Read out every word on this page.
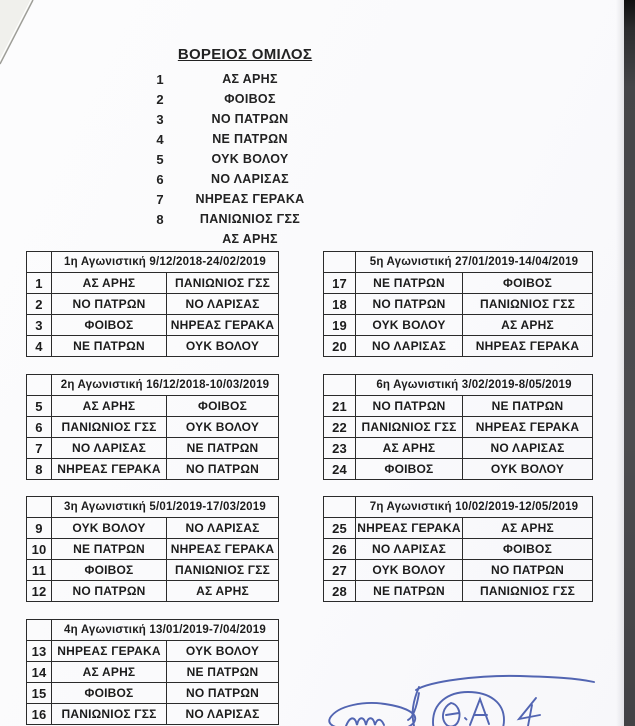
ΒΟΡΕΙΟΣ ΟΜΙΛΟΣ
1	ΑΣ ΑΡΗΣ
2	ΦΟΙΒΟΣ
3	ΝΟ ΠΑΤΡΩΝ
4	ΝΕ ΠΑΤΡΩΝ
5	ΟΥΚ ΒΟΛΟΥ
6	ΝΟ ΛΑΡΙΣΑΣ
7	ΝΗΡΕΑΣ ΓΕΡΑΚΑ
8	ΠΑΝΙΩΝΙΟΣ ΓΣΣ
ΑΣ ΑΡΗΣ
	1η Αγωνιστική 9/12/2018-24/02/2019	
1	ΑΣ ΑΡΗΣ	ΠΑΝΙΩΝΙΟΣ ΓΣΣ
2	ΝΟ ΠΑΤΡΩΝ	ΝΟ ΛΑΡΙΣΑΣ
3	ΦΟΙΒΟΣ	ΝΗΡΕΑΣ ΓΕΡΑΚΑ
4	ΝΕ ΠΑΤΡΩΝ	ΟΥΚ ΒΟΛΟΥ
	2η Αγωνιστική 16/12/2018-10/03/2019	
5	ΑΣ ΑΡΗΣ	ΦΟΙΒΟΣ
6	ΠΑΝΙΩΝΙΟΣ ΓΣΣ	ΟΥΚ ΒΟΛΟΥ
7	ΝΟ ΛΑΡΙΣΑΣ	ΝΕ ΠΑΤΡΩΝ
8	ΝΗΡΕΑΣ ΓΕΡΑΚΑ	ΝΟ ΠΑΤΡΩΝ
	3η Αγωνιστική 5/01/2019-17/03/2019	
9	ΟΥΚ ΒΟΛΟΥ	ΝΟ ΛΑΡΙΣΑΣ
10	ΝΕ ΠΑΤΡΩΝ	ΝΗΡΕΑΣ ΓΕΡΑΚΑ
11	ΦΟΙΒΟΣ	ΠΑΝΙΩΝΙΟΣ ΓΣΣ
12	ΝΟ ΠΑΤΡΩΝ	ΑΣ ΑΡΗΣ
	4η Αγωνιστική 13/01/2019-7/04/2019	
13	ΝΗΡΕΑΣ ΓΕΡΑΚΑ	ΟΥΚ ΒΟΛΟΥ
14	ΑΣ ΑΡΗΣ	ΝΕ ΠΑΤΡΩΝ
15	ΦΟΙΒΟΣ	ΝΟ ΠΑΤΡΩΝ
16	ΠΑΝΙΩΝΙΟΣ ΓΣΣ	ΝΟ ΛΑΡΙΣΑΣ
	5η Αγωνιστική 27/01/2019-14/04/2019	
17	ΝΕ ΠΑΤΡΩΝ	ΦΟΙΒΟΣ
18	ΝΟ ΠΑΤΡΩΝ	ΠΑΝΙΩΝΙΟΣ ΓΣΣ
19	ΟΥΚ ΒΟΛΟΥ	ΑΣ ΑΡΗΣ
20	ΝΟ ΛΑΡΙΣΑΣ	ΝΗΡΕΑΣ ΓΕΡΑΚΑ
	6η Αγωνιστική 3/02/2019-8/05/2019	
21	ΝΟ ΠΑΤΡΩΝ	ΝΕ ΠΑΤΡΩΝ
22	ΠΑΝΙΩΝΙΟΣ ΓΣΣ	ΝΗΡΕΑΣ ΓΕΡΑΚΑ
23	ΑΣ ΑΡΗΣ	ΝΟ ΛΑΡΙΣΑΣ
24	ΦΟΙΒΟΣ	ΟΥΚ ΒΟΛΟΥ
	7η Αγωνιστική 10/02/2019-12/05/2019	
25	ΝΗΡΕΑΣ ΓΕΡΑΚΑ	ΑΣ ΑΡΗΣ
26	ΝΟ ΛΑΡΙΣΑΣ	ΦΟΙΒΟΣ
27	ΟΥΚ ΒΟΛΟΥ	ΝΟ ΠΑΤΡΩΝ
28	ΝΕ ΠΑΤΡΩΝ	ΠΑΝΙΩΝΙΟΣ ΓΣΣ
